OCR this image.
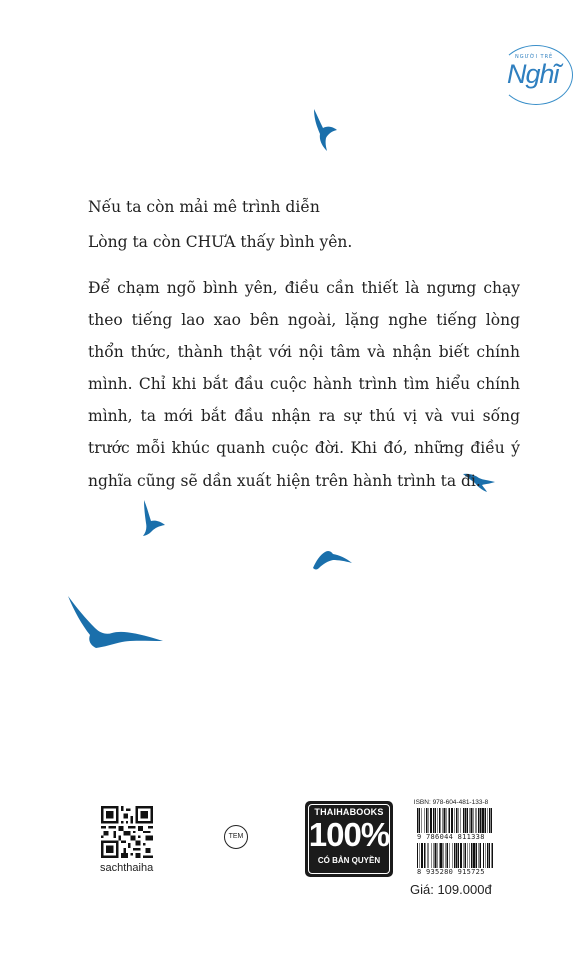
NGƯỜI TRẺ
Nghĩ
Nếu ta còn mải mê trình diễn
Lòng ta còn CHƯA thấy bình yên.
Để chạm ngõ bình yên, điều cần thiết là ngưng chạy theo tiếng lao xao bên ngoài, lặng nghe tiếng lòng thổn thức, thành thật với nội tâm và nhận biết chính mình. Chỉ khi bắt đầu cuộc hành trình tìm hiểu chính mình, ta mới bắt đầu nhận ra sự thú vị và vui sống trước mỗi khúc quanh cuộc đời. Khi đó, những điều ý nghĩa cũng sẽ dần xuất hiện trên hành trình ta đi.
sachthaiha
TEM
THAIHABOOKS
100%
CÓ BẢN QUYỀN
ISBN: 978-604-481-133-8
9 786044 811338
8 935280 915725
Giá: 109.000đ
